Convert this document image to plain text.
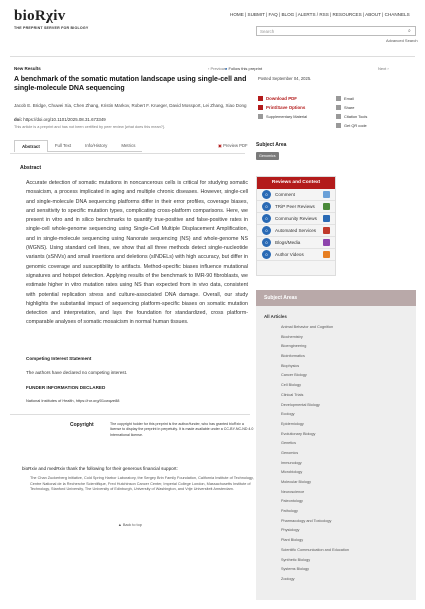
bioRχiv
THE PREPRINT SERVER FOR BIOLOGY
HOME | SUBMIT | FAQ | BLOG | ALERTS / RSS | RESOURCES | ABOUT | CHANNELS
Search	⌕
Advanced Search
New Results	‹ Previous
● Follow this preprint	Next ›
A benchmark of the somatic mutation landscape using single-cell and single-molecule DNA sequencing
Jacob E. Bridge, Chuwei Xia, Chen Zhang, Kristin Markov, Robert F. Krueger, David Mossport, Lei Zhang, Xiao Dong
doi: https://doi.org/10.1101/2025.08.31.673349
This article is a preprint and has not been certified by peer review [what does this mean?].
Posted September 04, 2025.
Download PDF
Print/Save Options
Supplementary Material
Email
Share
Citation Tools
Get QR code
Abstract	Full Text	Info/History	Metrics	▣ Preview PDF
Abstract
Accurate detection of somatic mutations in noncancerous cells is critical for studying somatic mosaicism, a process implicated in aging and multiple chronic diseases. However, single-cell and single-molecule DNA sequencing platforms differ in their error profiles, coverage biases, and sensitivity to specific mutation types, complicating cross-platform comparisons. Here, we present in vitro and in silico benchmarks to quantify true-positive and false-positive rates in single-cell whole-genome sequencing using Single-Cell Multiple Displacement Amplification, and in single-molecule sequencing using Nanorate sequencing (NS) and whole-genome NS (WGNS). Using standard cell lines, we show that all three methods detect single-nucleotide variants (sSNVs) and small insertions and deletions (sINDELs) with high accuracy, but differ in genomic coverage and susceptibility to artifacts. Method-specific biases influence mutational signatures and hotspot detection. Applying results of the benchmark to IMR-90 fibroblasts, we estimate higher in vitro mutation rates using NS than expected from in vivo data, consistent with potential replication stress and culture-associated DNA damage. Overall, our study highlights the substantial impact of sequencing platform-specific biases on somatic mutation detection and interpretation, and lays the foundation for standardized, cross platform-comparable analyses of somatic mosaicism in normal human tissues.
Competing Interest Statement
The authors have declared no competing interest.
FUNDER INFORMATION DECLARED
National Institutes of Health, https://ror.org/01cwqze88
Copyright	The copyright holder for this preprint is the author/funder, who has granted bioRxiv a license to display the preprint in perpetuity. It is made available under a CC-BY-NC-ND 4.0 International license.
bioRxiv and medRxiv thank the following for their generous financial support:
The Chan Zuckerberg Initiative, Cold Spring Harbor Laboratory, the Sergey Brin Family Foundation, California Institute of Technology, Centre National de la Recherche Scientifique, Fred Hutchinson Cancer Center, Imperial College London, Massachusetts Institute of Technology, Stanford University, The University of Edinburgh, University of Washington, and Vrije Universiteit Amsterdam.
▲ Back to top
Subject Area
Genomics
Reviews and Context
0	Comment
0	TRiP Peer Reviews
0	Community Reviews
0	Automated Services
0	Blogs/Media
0	Author Videos
Subject Areas
All Articles
Animal Behavior and Cognition
Biochemistry
Bioengineering
Bioinformatics
Biophysics
Cancer Biology
Cell Biology
Clinical Trials
Developmental Biology
Ecology
Epidemiology
Evolutionary Biology
Genetics
Genomics
Immunology
Microbiology
Molecular Biology
Neuroscience
Paleontology
Pathology
Pharmacology and Toxicology
Physiology
Plant Biology
Scientific Communication and Education
Synthetic Biology
Systems Biology
Zoology
